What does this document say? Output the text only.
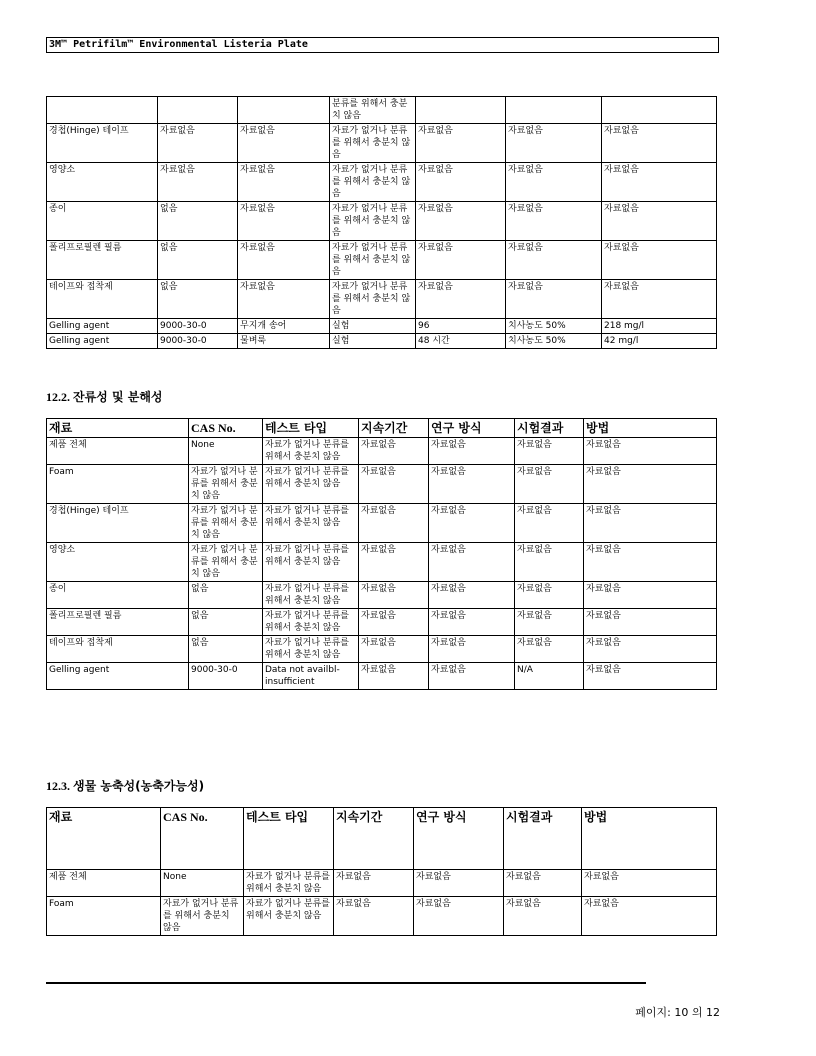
3M™ Petrifilm™ Environmental Listeria Plate
			분류를 위해서 충분치 않음			
경첩(Hinge) 테이프	자료없음	자료없음	자료가 없거나 분류를 위해서 충분치 않음	자료없음	자료없음	자료없음
영양소	자료없음	자료없음	자료가 없거나 분류를 위해서 충분치 않음	자료없음	자료없음	자료없음
종이	없음	자료없음	자료가 없거나 분류를 위해서 충분치 않음	자료없음	자료없음	자료없음
폴리프로필렌 필름	없음	자료없음	자료가 없거나 분류를 위해서 충분치 않음	자료없음	자료없음	자료없음
테이프와 접착제	없음	자료없음	자료가 없거나 분류를 위해서 충분치 않음	자료없음	자료없음	자료없음
Gelling agent	9000-30-0	무지개 송어	실험	96	치사농도 50%	218 mg/l
Gelling agent	9000-30-0	물벼룩	실험	48 시간	치사농도 50%	42 mg/l
12.2. 잔류성 및 분해성
재료	CAS No.	테스트 타입	지속기간	연구 방식	시험결과	방법
제품 전체	None	자료가 없거나 분류를 위해서 충분치 않음	자료없음	자료없음	자료없음	자료없음
Foam	자료가 없거나 분류를 위해서 충분치 않음	자료가 없거나 분류를 위해서 충분치 않음	자료없음	자료없음	자료없음	자료없음
경첩(Hinge) 테이프	자료가 없거나 분류를 위해서 충분치 않음	자료가 없거나 분류를 위해서 충분치 않음	자료없음	자료없음	자료없음	자료없음
영양소	자료가 없거나 분류를 위해서 충분치 않음	자료가 없거나 분류를 위해서 충분치 않음	자료없음	자료없음	자료없음	자료없음
종이	없음	자료가 없거나 분류를 위해서 충분치 않음	자료없음	자료없음	자료없음	자료없음
폴리프로필렌 필름	없음	자료가 없거나 분류를 위해서 충분치 않음	자료없음	자료없음	자료없음	자료없음
테이프와 접착제	없음	자료가 없거나 분류를 위해서 충분치 않음	자료없음	자료없음	자료없음	자료없음
Gelling agent	9000-30-0	Data not availbl-insufficient	자료없음	자료없음	N/A	자료없음
12.3. 생물 농축성(농축가능성)
재료	CAS No.	테스트 타입	지속기간	연구 방식	시험결과	방법
제품 전체	None	자료가 없거나 분류를 위해서 충분치 않음	자료없음	자료없음	자료없음	자료없음
Foam	자료가 없거나 분류를 위해서 충분치 않음	자료가 없거나 분류를 위해서 충분치 않음	자료없음	자료없음	자료없음	자료없음
페이지: 10 의 12
